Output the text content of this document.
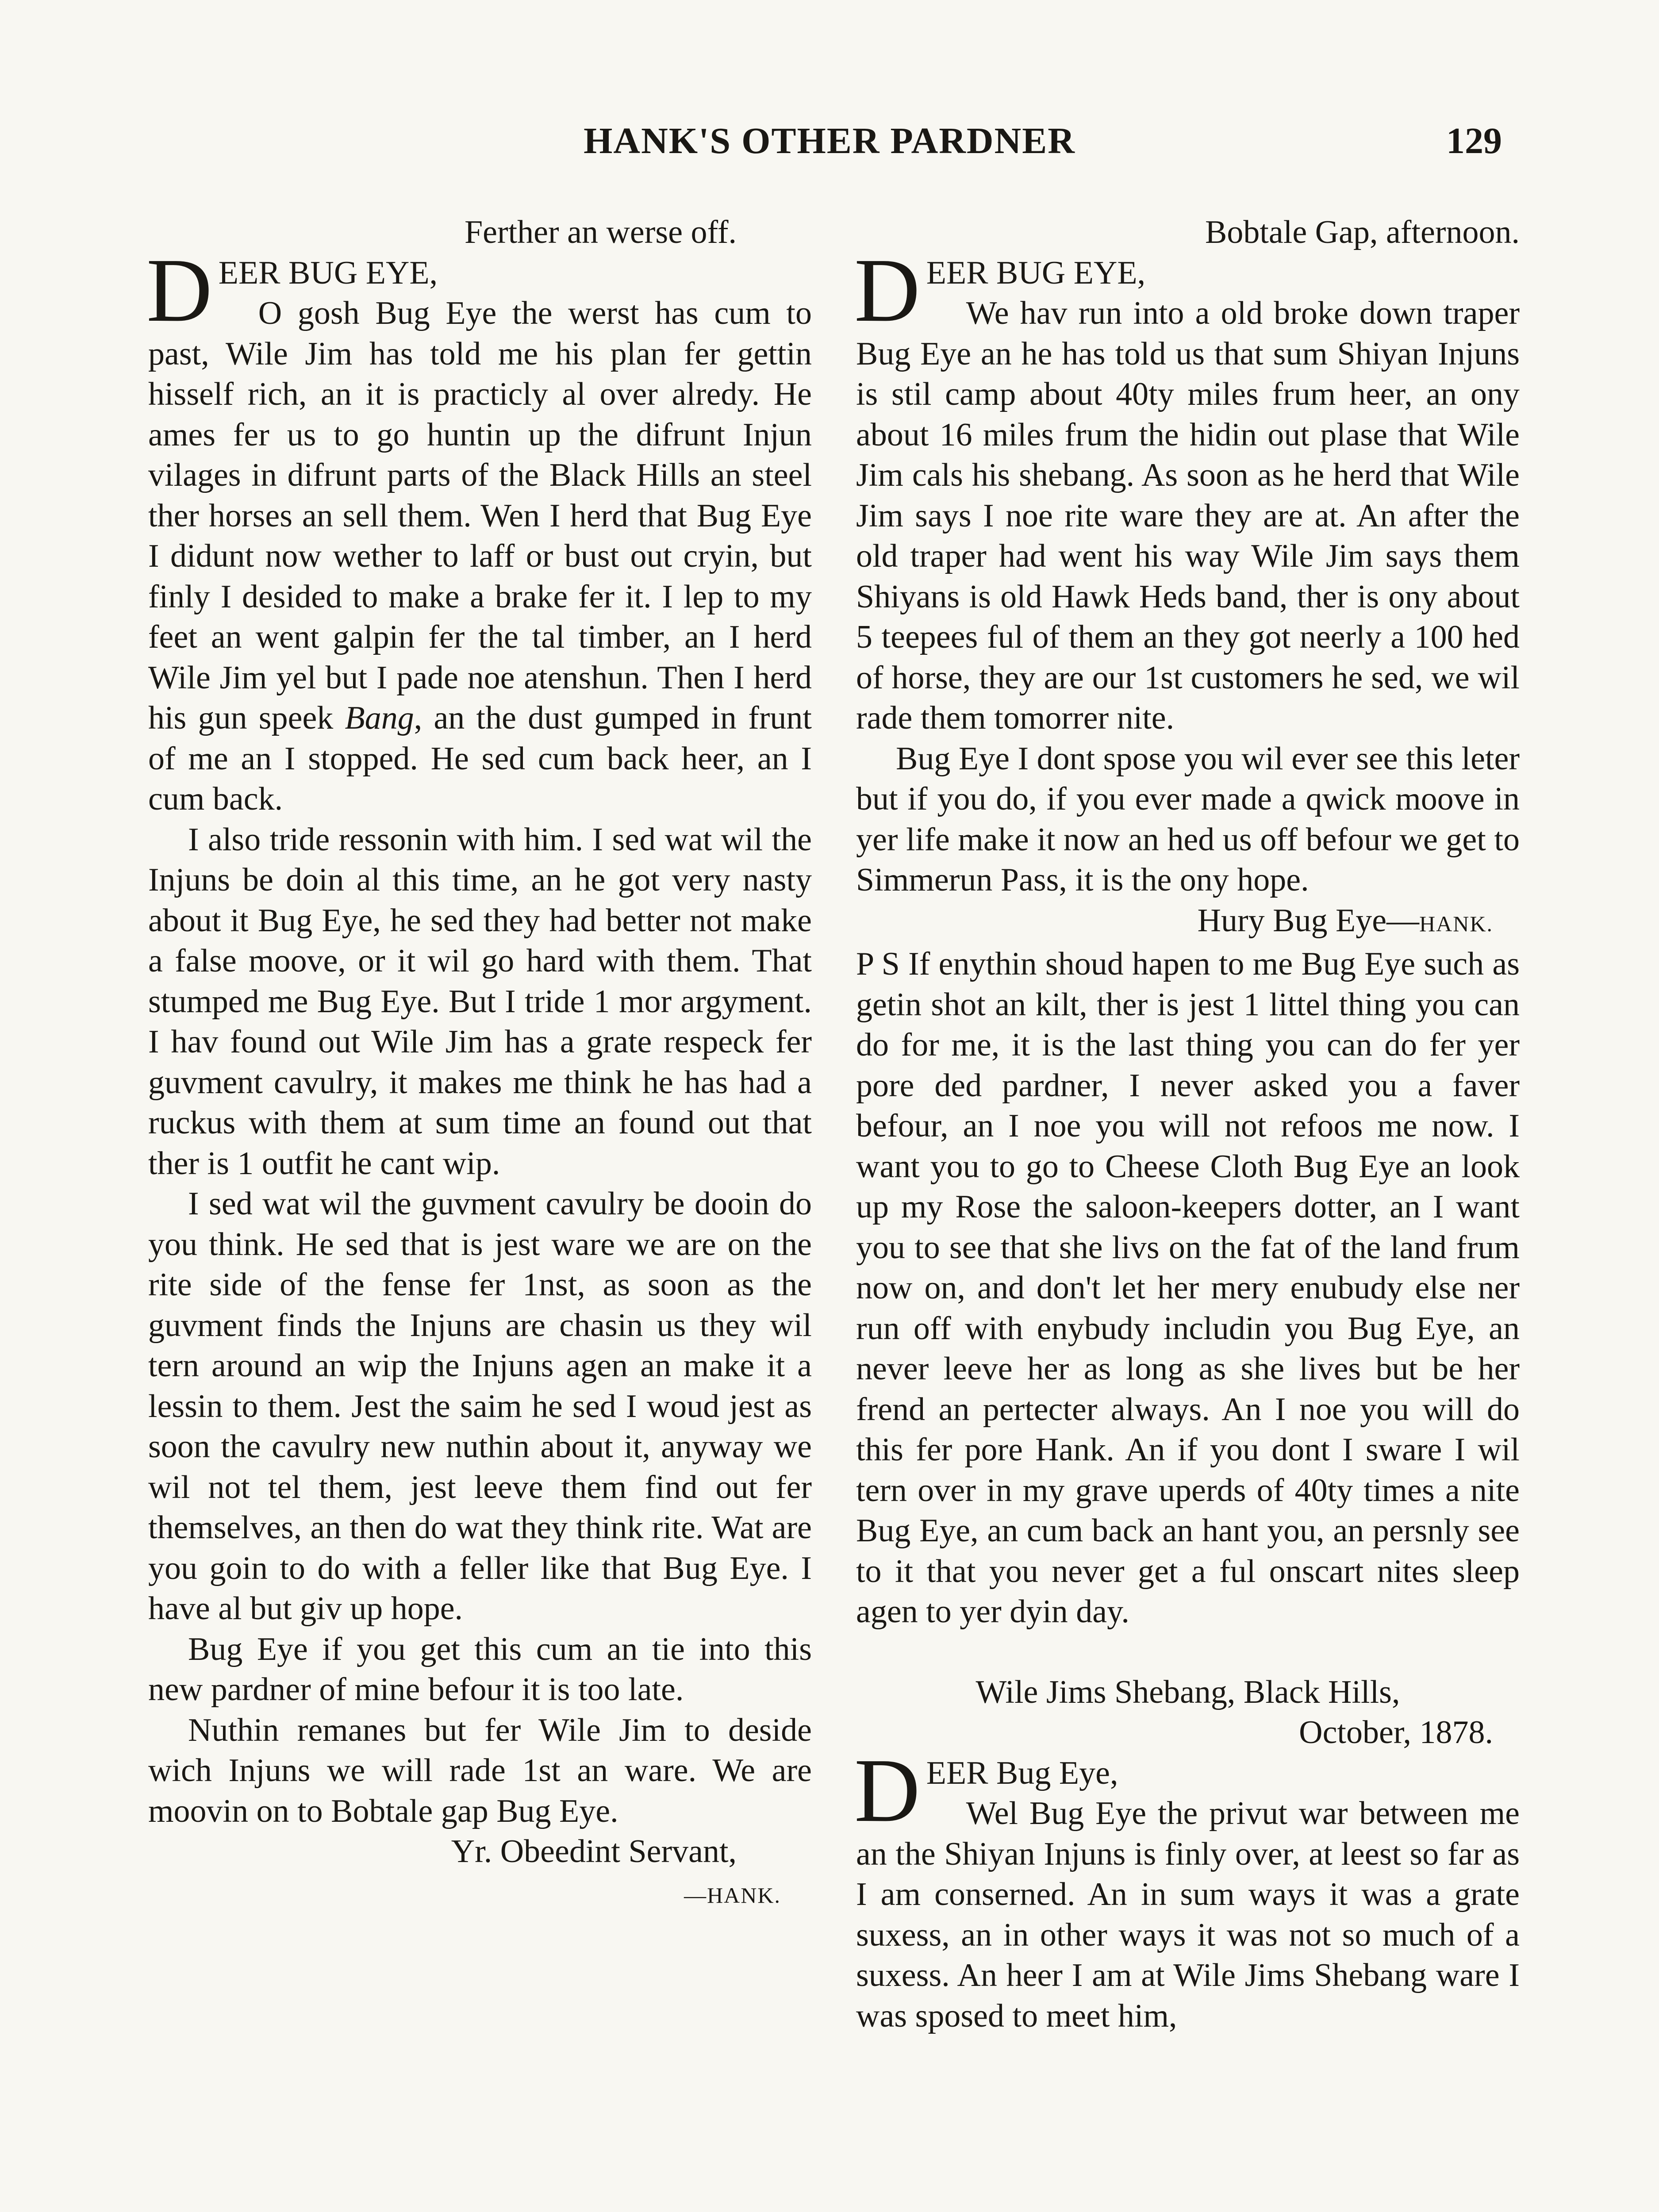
HANK'S OTHER PARDNER	129

Ferther an werse off.

DEER BUG EYE,

O gosh Bug Eye the werst has cum to past, Wile Jim has told me his plan fer gettin hisself rich, an it is practicly al over alredy. He ames fer us to go huntin up the difrunt Injun vilages in difrunt parts of the Black Hills an steel ther horses an sell them. Wen I herd that Bug Eye I didunt now wether to laff or bust out cryin, but finly I desided to make a brake fer it. I lep to my feet an went galpin fer the tal timber, an I herd Wile Jim yel but I pade noe atenshun. Then I herd his gun speek Bang, an the dust gumped in frunt of me an I stopped. He sed cum back heer, an I cum back.

I also tride ressonin with him. I sed wat wil the Injuns be doin al this time, an he got very nasty about it Bug Eye, he sed they had better not make a false moove, or it wil go hard with them. That stumped me Bug Eye. But I tride 1 mor argyment. I hav found out Wile Jim has a grate respeck fer guvment cavulry, it makes me think he has had a ruckus with them at sum time an found out that ther is 1 outfit he cant wip.

I sed wat wil the guvment cavulry be dooin do you think. He sed that is jest ware we are on the rite side of the fense fer 1nst, as soon as the guvment finds the Injuns are chasin us they wil tern around an wip the Injuns agen an make it a lessin to them. Jest the saim he sed I woud jest as soon the cavulry new nuthin about it, anyway we wil not tel them, jest leeve them find out fer themselves, an then do wat they think rite. Wat are you goin to do with a feller like that Bug Eye. I have al but giv up hope.

Bug Eye if you get this cum an tie into this new pardner of mine befour it is too late.

Nuthin remanes but fer Wile Jim to deside wich Injuns we will rade 1st an ware. We are moovin on to Bobtale gap Bug Eye.

Yr. Obeedint Servant,

—HANK.

Bobtale Gap, afternoon.

DEER BUG EYE,

We hav run into a old broke down traper Bug Eye an he has told us that sum Shiyan Injuns is stil camp about 40ty miles frum heer, an ony about 16 miles frum the hidin out plase that Wile Jim cals his shebang. As soon as he herd that Wile Jim says I noe rite ware they are at. An after the old traper had went his way Wile Jim says them Shiyans is old Hawk Heds band, ther is ony about 5 teepees ful of them an they got neerly a 100 hed of horse, they are our 1st customers he sed, we wil rade them tomorrer nite.

Bug Eye I dont spose you wil ever see this leter but if you do, if you ever made a qwick moove in yer life make it now an hed us off befour we get to Simmerun Pass, it is the ony hope.

Hury Bug Eye—HANK.

P S If enythin shoud hapen to me Bug Eye such as getin shot an kilt, ther is jest 1 littel thing you can do for me, it is the last thing you can do fer yer pore ded pardner, I never asked you a faver befour, an I noe you will not refoos me now. I want you to go to Cheese Cloth Bug Eye an look up my Rose the saloon-keepers dotter, an I want you to see that she livs on the fat of the land frum now on, and don't let her mery enubudy else ner run off with enybudy includin you Bug Eye, an never leeve her as long as she lives but be her frend an pertecter always. An I noe you will do this fer pore Hank. An if you dont I sware I wil tern over in my grave uperds of 40ty times a nite Bug Eye, an cum back an hant you, an persnly see to it that you never get a ful onscart nites sleep agen to yer dyin day.

Wile Jims Shebang, Black Hills,

October, 1878.

DEER Bug Eye,

Wel Bug Eye the privut war between me an the Shiyan Injuns is finly over, at leest so far as I am conserned. An in sum ways it was a grate suxess, an in other ways it was not so much of a suxess. An heer I am at Wile Jims Shebang ware I was sposed to meet him,
